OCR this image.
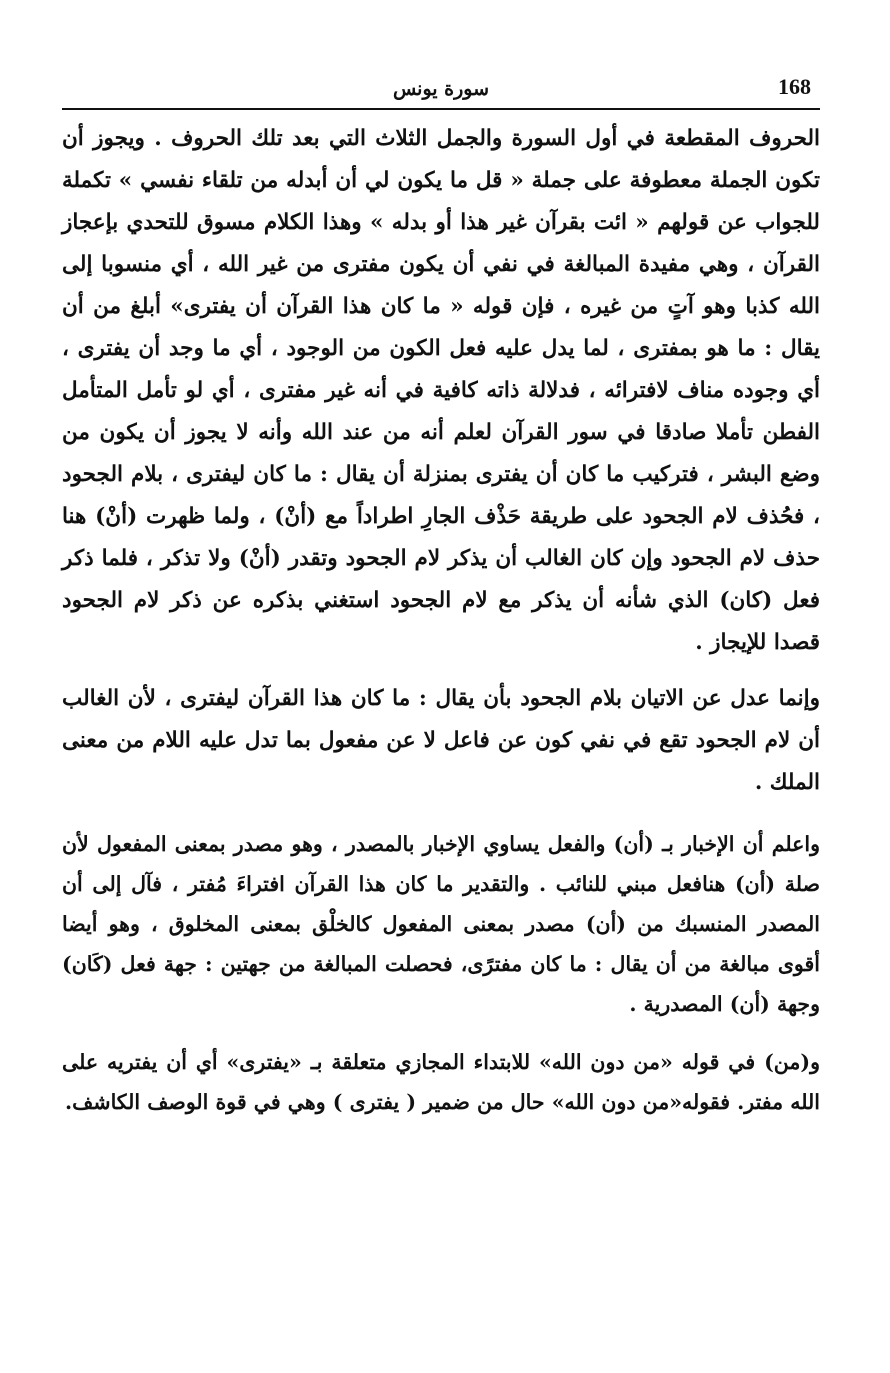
168
سورة يونس

الحروف المقطعة في أول السورة والجمل الثلاث التي بعد تلك الحروف . ويجوز أن تكون الجملة معطوفة على جملة « قل ما يكون لي أن أبدله من تلقاء نفسي » تكملة للجواب عن قولهم « ائت بقرآن غير هذا أو بدله » وهذا الكلام مسوق للتحدي بإعجاز القرآن ، وهي مفيدة المبالغة في نفي أن يكون مفترى من غير الله ، أي منسوبا إلى الله كذبا وهو آتٍ من غيره ، فإن قوله « ما كان هذا القرآن أن يفترى» أبلغ من أن يقال : ما هو بمفترى ، لما يدل عليه فعل الكون من الوجود ، أي ما وجد أن يفترى ، أي وجوده مناف لافترائه ، فدلالة ذاته كافية في أنه غير مفترى ، أي لو تأمل المتأمل الفطن تأملا صادقا في سور القرآن لعلم أنه من عند الله وأنه لا يجوز أن يكون من وضع البشر ، فتركيب ما كان أن يفترى بمنزلة أن يقال : ما كان ليفترى ، بلام الجحود ، فحُذف لام الجحود على طريقة حَذْف الجارِ اطراداً مع (أنْ) ، ولما ظهرت (أنْ) هنا حذف لام الجحود وإن كان الغالب أن يذكر لام الجحود وتقدر (أنْ) ولا تذكر ، فلما ذكر فعل (كان) الذي شأنه أن يذكر مع لام الجحود استغني بذكره عن ذكر لام الجحود قصدا للإيجاز .

وإنما عدل عن الاتيان بلام الجحود بأن يقال : ما كان هذا القرآن ليفترى ، لأن الغالب أن لام الجحود تقع في نفي كون عن فاعل لا عن مفعول بما تدل عليه اللام من معنى الملك .

واعلم أن الإخبار بـ (أن) والفعل يساوي الإخبار بالمصدر ، وهو مصدر بمعنى المفعول لأن صلة (أن) هنافعل مبني للنائب . والتقدير ما كان هذا القرآن افتراءَ مُفتر ، فآل إلى أن المصدر المنسبك من (أن) مصدر بمعنى المفعول كالخلْق بمعنى المخلوق ، وهو أيضا أقوى مبالغة من أن يقال : ما كان مفترًى، فحصلت المبالغة من جهتين : جهة فعل (كَان) وجهة (أن) المصدرية .

و(من) في قوله «من دون الله» للابتداء المجازي متعلقة بـ «يفترى» أي أن يفتريه على الله مفتر. فقوله«من دون الله» حال من ضمير ( يفترى ) وهي في قوة الوصف الكاشف.
